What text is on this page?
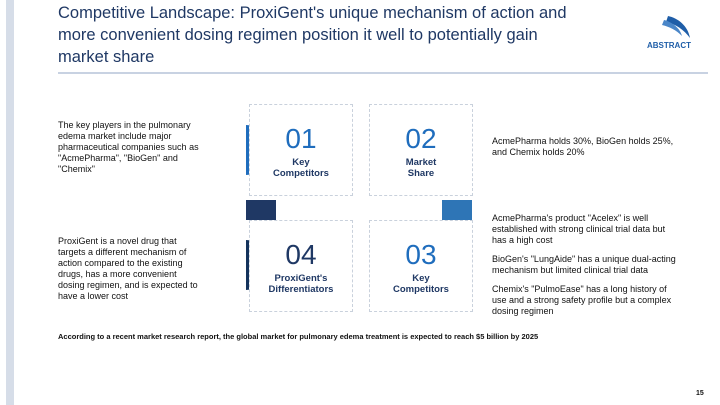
Competitive Landscape: ProxiGent's unique mechanism of action and
more convenient dosing regimen position it well to potentially gain
market share
ABSTRACT
The key players in the pulmonary
edema market include major
pharmaceutical companies such as
"AcmePharma", "BioGen" and
"Chemix"
ProxiGent is a novel drug that
targets a different mechanism of
action compared to the existing
drugs, has a more convenient
dosing regimen, and is expected to
have a lower cost
01
Key
Competitors
02
Market
Share
04
ProxiGent's
Differentiators
03
Key
Competitors
AcmePharma holds 30%, BioGen holds 25%,
and Chemix holds 20%
AcmePharma's product "Acelex" is well
established with strong clinical trial data but
has a high cost
BioGen's "LungAide" has a unique dual-acting
mechanism but limited clinical trial data
Chemix's "PulmoEase" has a long history of
use and a strong safety profile but a complex
dosing regimen
According to a recent market research report, the global market for pulmonary edema treatment is expected to reach $5 billion by 2025
15
